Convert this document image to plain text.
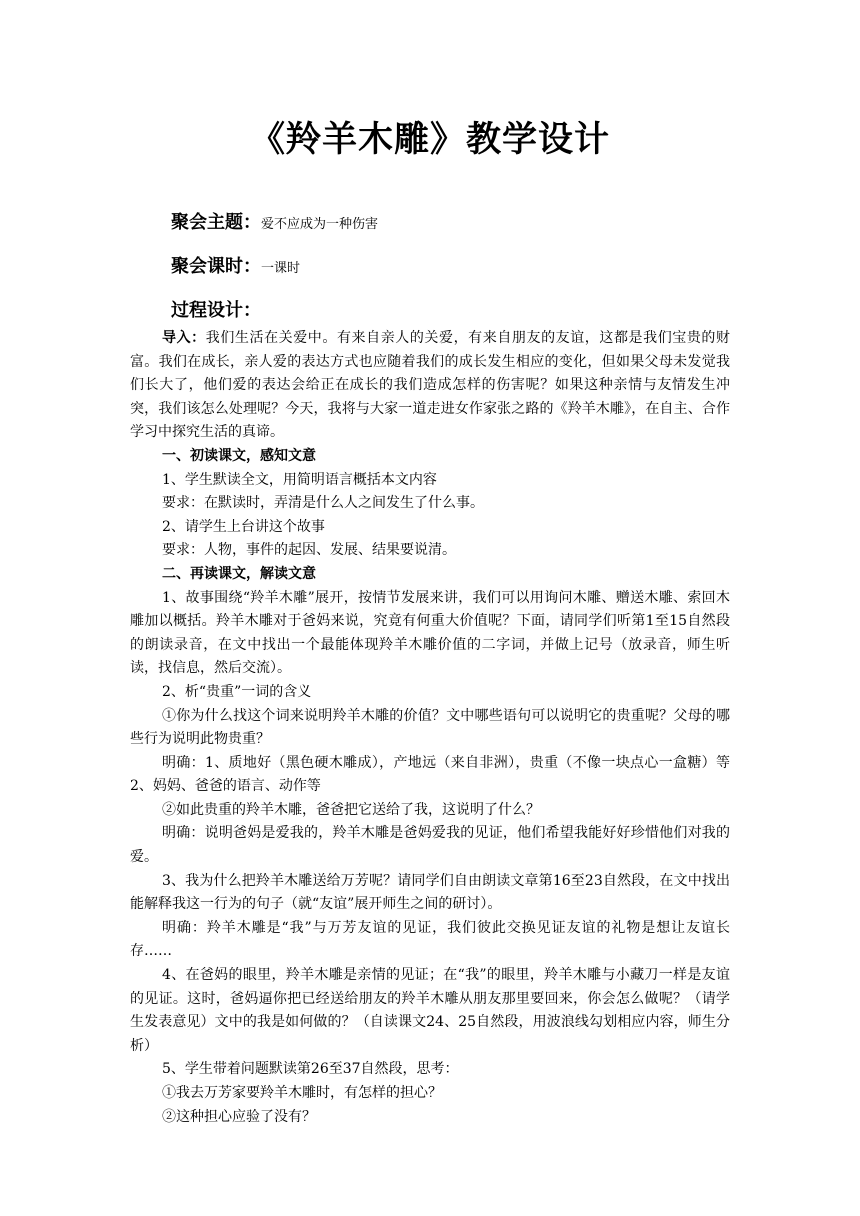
《羚羊木雕》教学设计
聚会主题：爱不应成为一种伤害
聚会课时：一课时
过程设计：

导入：我们生活在关爱中。有来自亲人的关爱，有来自朋友的友谊，这都是我们宝贵的财富。我们在成长，亲人爱的表达方式也应随着我们的成长发生相应的变化，但如果父母未发觉我们长大了，他们爱的表达会给正在成长的我们造成怎样的伤害呢？如果这种亲情与友情发生冲突，我们该怎么处理呢？今天，我将与大家一道走进女作家张之路的《羚羊木雕》，在自主、合作学习中探究生活的真谛。

一、初读课文，感知文意

1、学生默读全文，用简明语言概括本文内容

要求：在默读时，弄清是什么人之间发生了什么事。

2、请学生上台讲这个故事

要求：人物，事件的起因、发展、结果要说清。

二、再读课文，解读文意

1、故事围绕“羚羊木雕”展开，按情节发展来讲，我们可以用询问木雕、赠送木雕、索回木雕加以概括。羚羊木雕对于爸妈来说，究竟有何重大价值呢？下面，请同学们听第1至15自然段的朗读录音，在文中找出一个最能体现羚羊木雕价值的二字词，并做上记号（放录音，师生听读，找信息，然后交流）。

2、析“贵重”一词的含义

①你为什么找这个词来说明羚羊木雕的价值？文中哪些语句可以说明它的贵重呢？父母的哪些行为说明此物贵重？

明确：1、质地好（黑色硬木雕成），产地远（来自非洲），贵重（不像一块点心一盒糖）等　 2、妈妈、爸爸的语言、动作等

②如此贵重的羚羊木雕，爸爸把它送给了我，这说明了什么？

明确：说明爸妈是爱我的，羚羊木雕是爸妈爱我的见证，他们希望我能好好珍惜他们对我的爱。

3、我为什么把羚羊木雕送给万芳呢？请同学们自由朗读文章第16至23自然段，在文中找出能解释我这一行为的句子（就“友谊”展开师生之间的研讨）。

明确：羚羊木雕是“我”与万芳友谊的见证，我们彼此交换见证友谊的礼物是想让友谊长存……

4、在爸妈的眼里，羚羊木雕是亲情的见证；在“我”的眼里，羚羊木雕与小藏刀一样是友谊的见证。这时，爸妈逼你把已经送给朋友的羚羊木雕从朋友那里要回来，你会怎么做呢？（请学生发表意见）文中的我是如何做的？（自读课文24、25自然段，用波浪线勾划相应内容，师生分析）

5、学生带着问题默读第26至37自然段，思考：

①我去万芳家要羚羊木雕时，有怎样的担心？

②这种担心应验了没有？
